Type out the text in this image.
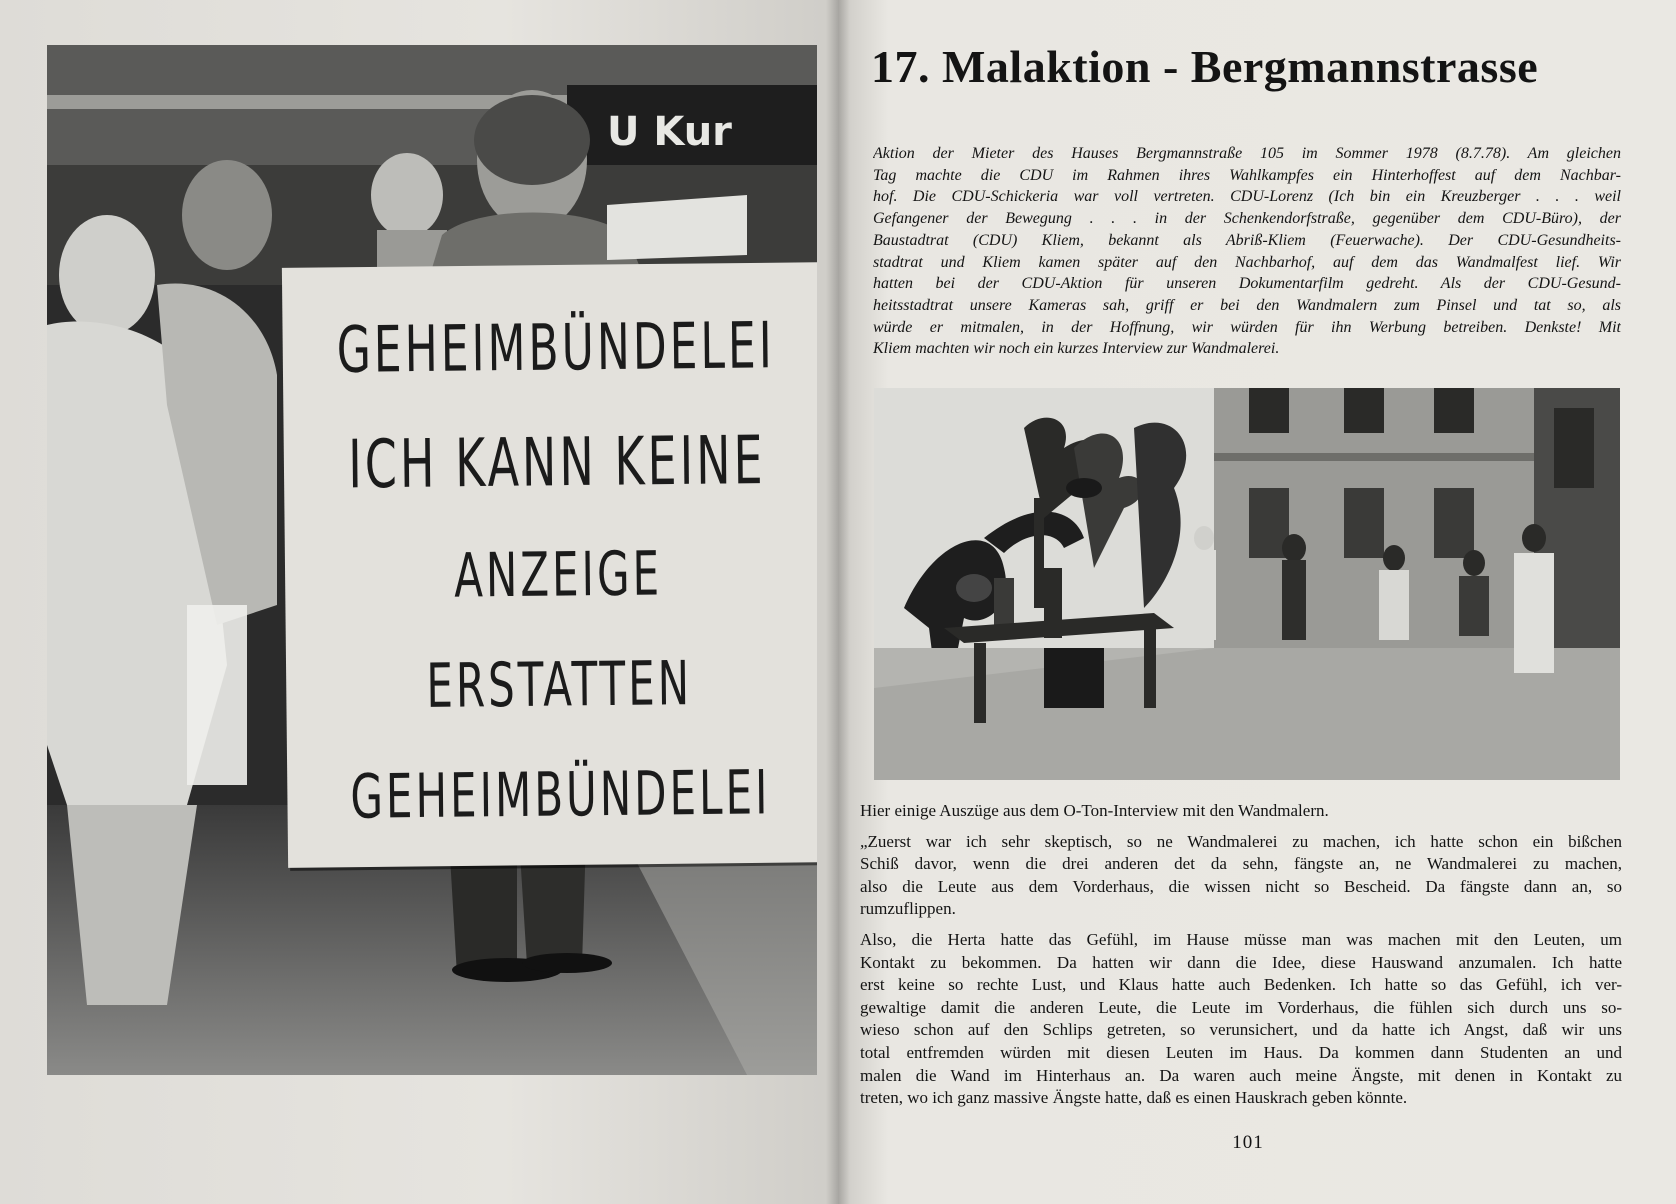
U Kur
GEHEIMBÜNDELEI
ICH KANN KEINE
ANZEIGE
ERSTATTEN
GEHEIMBÜNDELEI
17. Malaktion - Bergmannstrasse
Aktion der Mieter des Hauses Bergmannstraße 105 im Sommer 1978 (8.7.78). Am gleichen
Tag machte die CDU im Rahmen ihres Wahlkampfes ein Hinterhoffest auf dem Nachbar-
hof. Die CDU-Schickeria war voll vertreten. CDU-Lorenz (Ich bin ein Kreuzberger . . . weil
Gefangener der Bewegung . . . in der Schenkendorfstraße, gegenüber dem CDU-Büro), der
Baustadtrat (CDU) Kliem, bekannt als Abriß-Kliem (Feuerwache). Der CDU-Gesundheits-
stadtrat und Kliem kamen später auf den Nachbarhof, auf dem das Wandmalfest lief. Wir
hatten bei der CDU-Aktion für unseren Dokumentarfilm gedreht. Als der CDU-Gesund-
heitsstadtrat unsere Kameras sah, griff er bei den Wandmalern zum Pinsel und tat so, als
würde er mitmalen, in der Hoffnung, wir würden für ihn Werbung betreiben. Denkste! Mit
Kliem machten wir noch ein kurzes Interview zur Wandmalerei.
Hier einige Auszüge aus dem O-Ton-Interview mit den Wandmalern.
„Zuerst war ich sehr skeptisch, so ne Wandmalerei zu machen, ich hatte schon ein bißchen
Schiß davor, wenn die drei anderen det da sehn, fängste an, ne Wandmalerei zu machen,
also die Leute aus dem Vorderhaus, die wissen nicht so Bescheid. Da fängste dann an, so
rumzuflippen.
Also, die Herta hatte das Gefühl, im Hause müsse man was machen mit den Leuten, um
Kontakt zu bekommen. Da hatten wir dann die Idee, diese Hauswand anzumalen. Ich hatte
erst keine so rechte Lust, und Klaus hatte auch Bedenken. Ich hatte so das Gefühl, ich ver-
gewaltige damit die anderen Leute, die Leute im Vorderhaus, die fühlen sich durch uns so-
wieso schon auf den Schlips getreten, so verunsichert, und da hatte ich Angst, daß wir uns
total entfremden würden mit diesen Leuten im Haus. Da kommen dann Studenten an und
malen die Wand im Hinterhaus an. Da waren auch meine Ängste, mit denen in Kontakt zu
treten, wo ich ganz massive Ängste hatte, daß es einen Hauskrach geben könnte.
101
